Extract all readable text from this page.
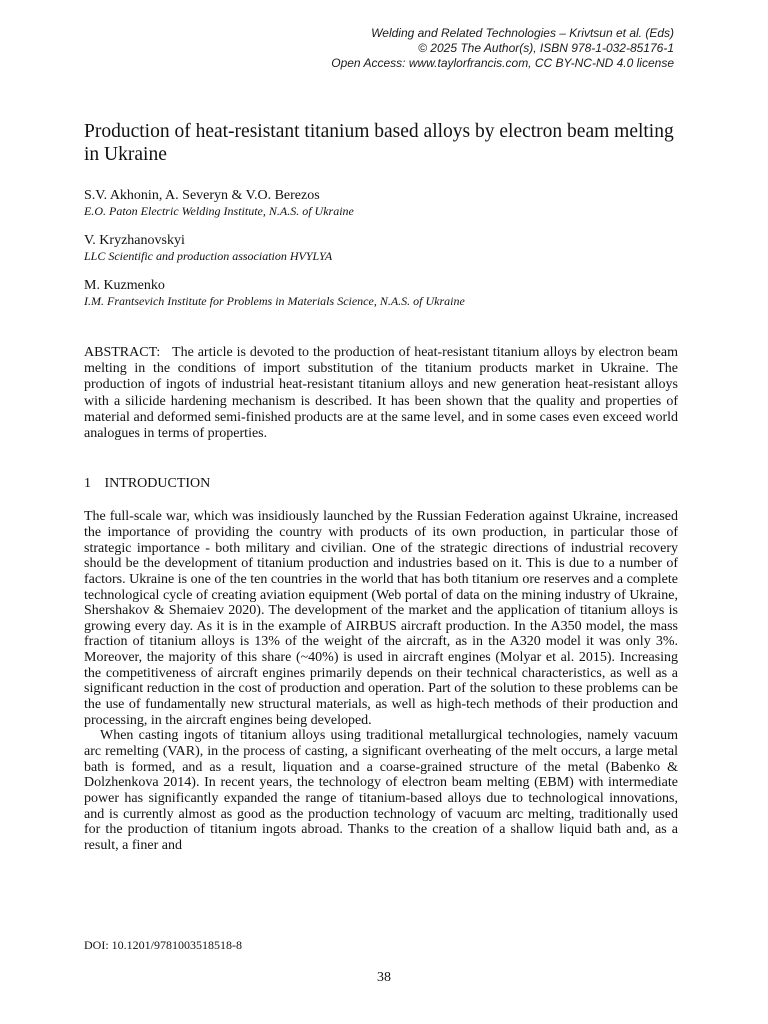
Welding and Related Technologies – Krivtsun et al. (Eds)
© 2025 The Author(s), ISBN 978-1-032-85176-1
Open Access: www.taylorfrancis.com, CC BY-NC-ND 4.0 license
Production of heat-resistant titanium based alloys by electron beam melting in Ukraine

S.V. Akhonin, A. Severyn & V.O. Berezos

E.O. Paton Electric Welding Institute, N.A.S. of Ukraine

V. Kryzhanovskyi

LLC Scientific and production association HVYLYA

M. Kuzmenko

I.M. Frantsevich Institute for Problems in Materials Science, N.A.S. of Ukraine

ABSTRACT: The article is devoted to the production of heat-resistant titanium alloys by electron beam melting in the conditions of import substitution of the titanium products market in Ukraine. The production of ingots of industrial heat-resistant titanium alloys and new generation heat-resistant alloys with a silicide hardening mechanism is described. It has been shown that the quality and properties of material and deformed semi-finished products are at the same level, and in some cases even exceed world analogues in terms of properties.
1 INTRODUCTION

The full-scale war, which was insidiously launched by the Russian Federation against Ukraine, increased the importance of providing the country with products of its own production, in particular those of strategic importance - both military and civilian. One of the strategic directions of industrial recovery should be the development of titanium production and industries based on it. This is due to a number of factors. Ukraine is one of the ten countries in the world that has both titanium ore reserves and a complete technological cycle of creating aviation equipment (Web portal of data on the mining industry of Ukraine, Shershakov & Shemaiev 2020). The development of the market and the application of titanium alloys is growing every day. As it is in the example of AIRBUS aircraft production. In the A350 model, the mass fraction of titanium alloys is 13% of the weight of the aircraft, as in the A320 model it was only 3%. Moreover, the majority of this share (~40%) is used in aircraft engines (Molyar et al. 2015). Increasing the competitiveness of aircraft engines primarily depends on their technical characteristics, as well as a significant reduction in the cost of production and operation. Part of the solution to these problems can be the use of fundamentally new structural materials, as well as high-tech methods of their production and processing, in the aircraft engines being developed.

When casting ingots of titanium alloys using traditional metallurgical technologies, namely vacuum arc remelting (VAR), in the process of casting, a significant overheating of the melt occurs, a large metal bath is formed, and as a result, liquation and a coarse-grained structure of the metal (Babenko & Dolzhenkova 2014). In recent years, the technology of electron beam melting (EBM) with intermediate power has significantly expanded the range of titanium-based alloys due to technological innovations, and is currently almost as good as the production technology of vacuum arc melting, traditionally used for the production of titanium ingots abroad. Thanks to the creation of a shallow liquid bath and, as a result, a finer and

DOI: 10.1201/9781003518518-8
38
